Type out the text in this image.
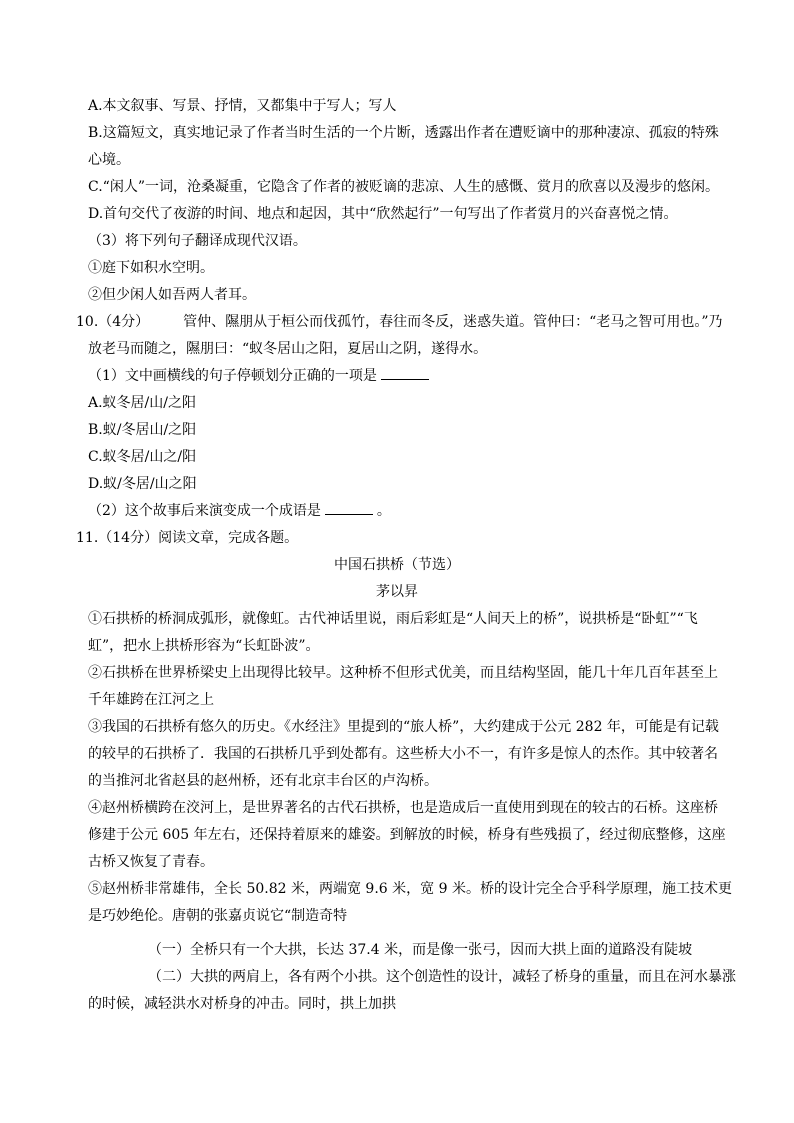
A.本文叙事、写景、抒情，又都集中于写人；写人
B.这篇短文，真实地记录了作者当时生活的一个片断，透露出作者在遭贬谪中的那种凄凉、孤寂的特殊
心境。
C.“闲人”一词，沧桑凝重，它隐含了作者的被贬谪的悲凉、人生的感慨、赏月的欣喜以及漫步的悠闲。
D.首句交代了夜游的时间、地点和起因，其中“欣然起行”一句写出了作者赏月的兴奋喜悦之情。
（3）将下列句子翻译成现代汉语。
①庭下如积水空明。
②但少闲人如吾两人者耳。
10.（4分） 管仲、隰朋从于桓公而伐孤竹，春往而冬反，迷惑失道。管仲曰：“老马之智可用也。”乃
放老马而随之，隰朋曰：“蚁冬居山之阳，夏居山之阴，遂得水。
（1）文中画横线的句子停顿划分正确的一项是
A.蚁冬居/山/之阳
B.蚁/冬居山/之阳
C.蚁冬居/山之/阳
D.蚁/冬居/山之阳
（2）这个故事后来演变成一个成语是	。
11.（14分）阅读文章，完成各题。
中国石拱桥（节选）
茅以昇
①石拱桥的桥洞成弧形，就像虹。古代神话里说，雨后彩虹是“人间天上的桥”，说拱桥是“卧虹”“飞
虹”，把水上拱桥形容为“长虹卧波”。
②石拱桥在世界桥梁史上出现得比较早。这种桥不但形式优美，而且结构坚固，能几十年几百年甚至上
千年雄跨在江河之上
③我国的石拱桥有悠久的历史。《水经注》里提到的“旅人桥”，大约建成于公元 282 年，可能是有记载
的较早的石拱桥了．我国的石拱桥几乎到处都有。这些桥大小不一，有许多是惊人的杰作。其中较著名
的当推河北省赵县的赵州桥，还有北京丰台区的卢沟桥。
④赵州桥横跨在洨河上，是世界著名的古代石拱桥，也是造成后一直使用到现在的较古的石桥。这座桥
修建于公元 605 年左右，还保持着原来的雄姿。到解放的时候，桥身有些残损了，经过彻底整修，这座
古桥又恢复了青春。
⑤赵州桥非常雄伟，全长 50.82 米，两端宽 9.6 米，宽 9 米。桥的设计完全合乎科学原理，施工技术更
是巧妙绝伦。唐朝的张嘉贞说它“制造奇特
（一）全桥只有一个大拱，长达 37.4 米，而是像一张弓，因而大拱上面的道路没有陡坡
（二）大拱的两肩上，各有两个小拱。这个创造性的设计，减轻了桥身的重量，而且在河水暴涨
的时候，减轻洪水对桥身的冲击。同时，拱上加拱
